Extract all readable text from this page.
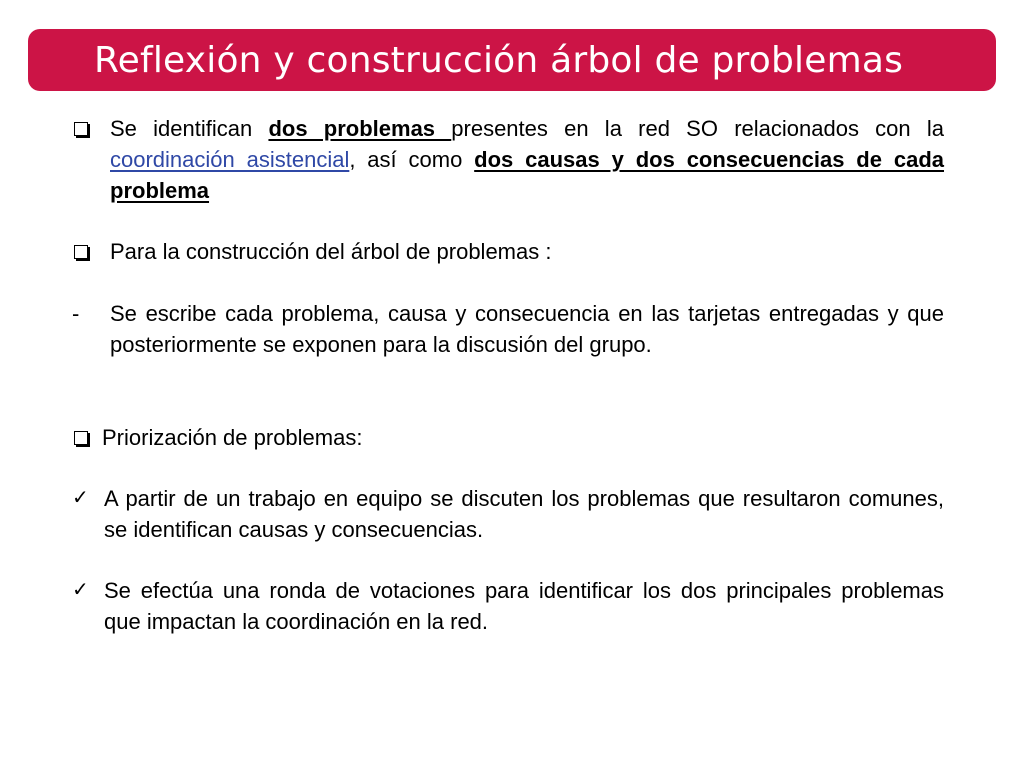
Reflexión y construcción árbol de problemas
Se identifican dos problemas presentes en la red SO relacionados con la coordinación asistencial, así como dos causas y dos consecuencias de cada problema
Para la construcción del árbol de problemas :
-	Se escribe cada problema, causa y consecuencia en las tarjetas entregadas y que posteriormente se exponen para la discusión del grupo.
Priorización de problemas:
✓ A partir de un trabajo en equipo se discuten los problemas que resultaron comunes, se identifican causas y consecuencias.
✓ Se efectúa una ronda de votaciones para identificar los dos principales problemas que impactan la coordinación en la red.
